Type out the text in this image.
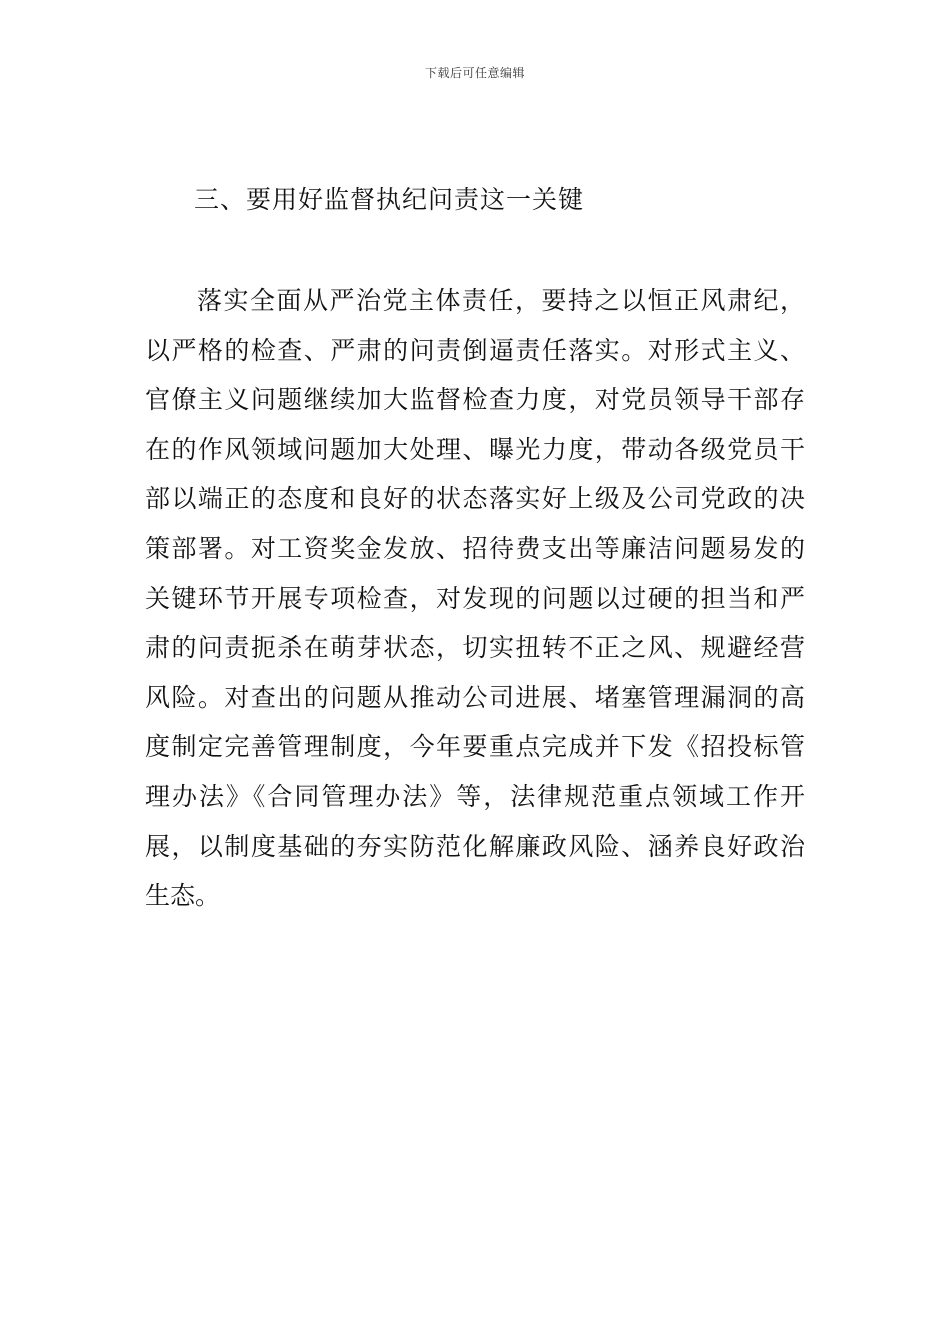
下载后可任意编辑
三、要用好监督执纪问责这一关键
落实全面从严治党主体责任，要持之以恒正风肃纪，
以严格的检查、严肃的问责倒逼责任落实。对形式主义、
官僚主义问题继续加大监督检查力度，对党员领导干部存
在的作风领域问题加大处理、曝光力度，带动各级党员干
部以端正的态度和良好的状态落实好上级及公司党政的决
策部署。对工资奖金发放、招待费支出等廉洁问题易发的
关键环节开展专项检查，对发现的问题以过硬的担当和严
肃的问责扼杀在萌芽状态，切实扭转不正之风、规避经营
风险。对查出的问题从推动公司进展、堵塞管理漏洞的高
度制定完善管理制度，今年要重点完成并下发《招投标管
理办法》《合同管理办法》等，法律规范重点领域工作开
展，以制度基础的夯实防范化解廉政风险、涵养良好政治
生态。
